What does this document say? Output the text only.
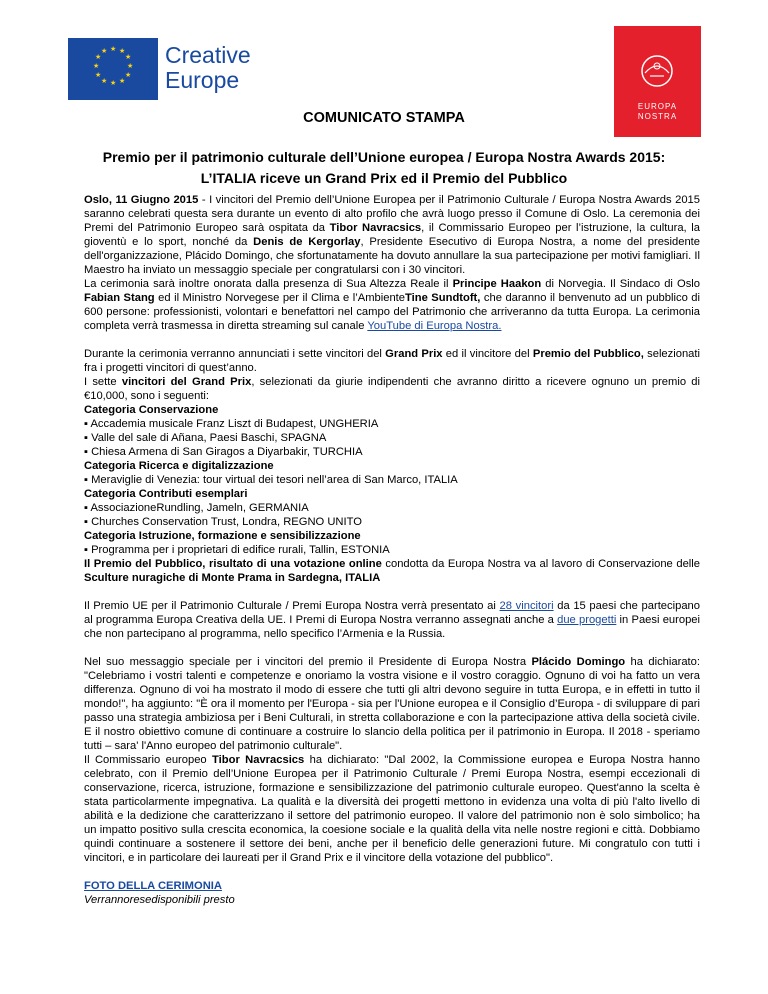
★ ★
★
★
★
★
★
★
★
★
★
★	Creative
Europe
EUROPA
NOSTRA
COMUNICATO STAMPA
Premio per il patrimonio culturale dell’Unione europea / Europa Nostra Awards 2015:
L’ITALIA riceve un Grand Prix ed il Premio del Pubblico

Oslo, 11 Giugno 2015 - I vincitori del Premio dell’Unione Europea per il Patrimonio Culturale / Europa Nostra Awards 2015 saranno celebrati questa sera durante un evento di alto profilo che avrà luogo presso il Comune di Oslo. La ceremonia dei Premi del Patrimonio Europeo sarà ospitata da Tibor Navracsics, il Commissario Europeo per l’istruzione, la cultura, la gioventù e lo sport, nonché da Denis de Kergorlay, Presidente Esecutivo di Europa Nostra, a nome del presidente dell'organizzazione, Plácido Domingo, che sfortunatamente ha dovuto annullare la sua partecipazione per motivi famigliari. Il Maestro ha inviato un messaggio speciale per congratularsi con i 30 vincitori.

La cerimonia sarà inoltre onorata dalla presenza di Sua Altezza Reale il Principe Haakon di Norvegia. Il Sindaco di Oslo Fabian Stang ed il Ministro Norvegese per il Clima e l’AmbienteTine Sundtoft, che daranno il benvenuto ad un pubblico di 600 persone: professionisti, volontari e benefattori nel campo del Patrimonio che arriveranno da tutta Europa. La cerimonia completa verrà trasmessa in diretta streaming sul canale YouTube di Europa Nostra.

Durante la cerimonia verranno annunciati i sette vincitori del Grand Prix ed il vincitore del Premio del Pubblico, selezionati fra i progetti vincitori di quest’anno.

I sette vincitori del Grand Prix, selezionati da giurie indipendenti che avranno diritto a ricevere ognuno un premio di €10,000, sono i seguenti:

Categoria Conservazione
▪ Accademia musicale Franz Liszt di Budapest, UNGHERIA
▪ Valle del sale di Añana, Paesi Baschi, SPAGNA
▪ Chiesa Armena di San Giragos a Diyarbakir, TURCHIA
Categoria Ricerca e digitalizzazione
▪ Meraviglie di Venezia: tour virtual dei tesori nell’area di San Marco, ITALIA
Categoria Contributi esemplari
▪ AssociazioneRundling, Jameln, GERMANIA
▪ Churches Conservation Trust, Londra, REGNO UNITO
Categoria Istruzione, formazione e sensibilizzazione
▪ Programma per i proprietari di edifice rurali, Tallin, ESTONIA

Il Premio del Pubblico, risultato di una votazione online condotta da Europa Nostra va al lavoro di Conservazione delle Sculture nuragiche di Monte Prama in Sardegna, ITALIA

Il Premio UE per il Patrimonio Culturale / Premi Europa Nostra verrà presentato ai 28 vincitori da 15 paesi che partecipano al programma Europa Creativa della UE. I Premi di Europa Nostra verranno assegnati anche a due progetti in Paesi europei che non partecipano al programma, nello specifico l’Armenia e la Russia.

Nel suo messaggio speciale per i vincitori del premio il Presidente di Europa Nostra Plácido Domingo ha dichiarato: "Celebriamo i vostri talenti e competenze e onoriamo la vostra visione e il vostro coraggio. Ognuno di voi ha fatto un vera differenza. Ognuno di voi ha mostrato il modo di essere che tutti gli altri devono seguire in tutta Europa, e in effetti in tutto il mondo!", ha aggiunto: "È ora il momento per l'Europa - sia per l'Unione europea e il Consiglio d’Europa - di sviluppare di pari passo una strategia ambiziosa per i Beni Culturali, in stretta collaborazione e con la partecipazione attiva della società civile. E il nostro obiettivo comune di continuare a costruire lo slancio della politica per il patrimonio in Europa. Il 2018 - speriamo tutti – sara' l'Anno europeo del patrimonio culturale".

Il Commissario europeo Tibor Navracsics ha dichiarato: "Dal 2002, la Commissione europea e Europa Nostra hanno celebrato, con il Premio dell’Unione Europea per il Patrimonio Culturale / Premi Europa Nostra, esempi eccezionali di conservazione, ricerca, istruzione, formazione e sensibilizzazione del patrimonio culturale europeo. Quest'anno la scelta è stata particolarmente impegnativa. La qualità e la diversità dei progetti mettono in evidenza una volta di più l'alto livello di abilità e la dedizione che caratterizzano il settore del patrimonio europeo. Il valore del patrimonio non è solo simbolico; ha un impatto positivo sulla crescita economica, la coesione sociale e la qualità della vita nelle nostre regioni e città. Dobbiamo quindi continuare a sostenere il settore dei beni, anche per il beneficio delle generazioni future. Mi congratulo con tutti i vincitori, e in particolare dei laureati per il Grand Prix e il vincitore della votazione del pubblico".

FOTO DELLA CERIMONIA
Verrannoresedisponibili presto
